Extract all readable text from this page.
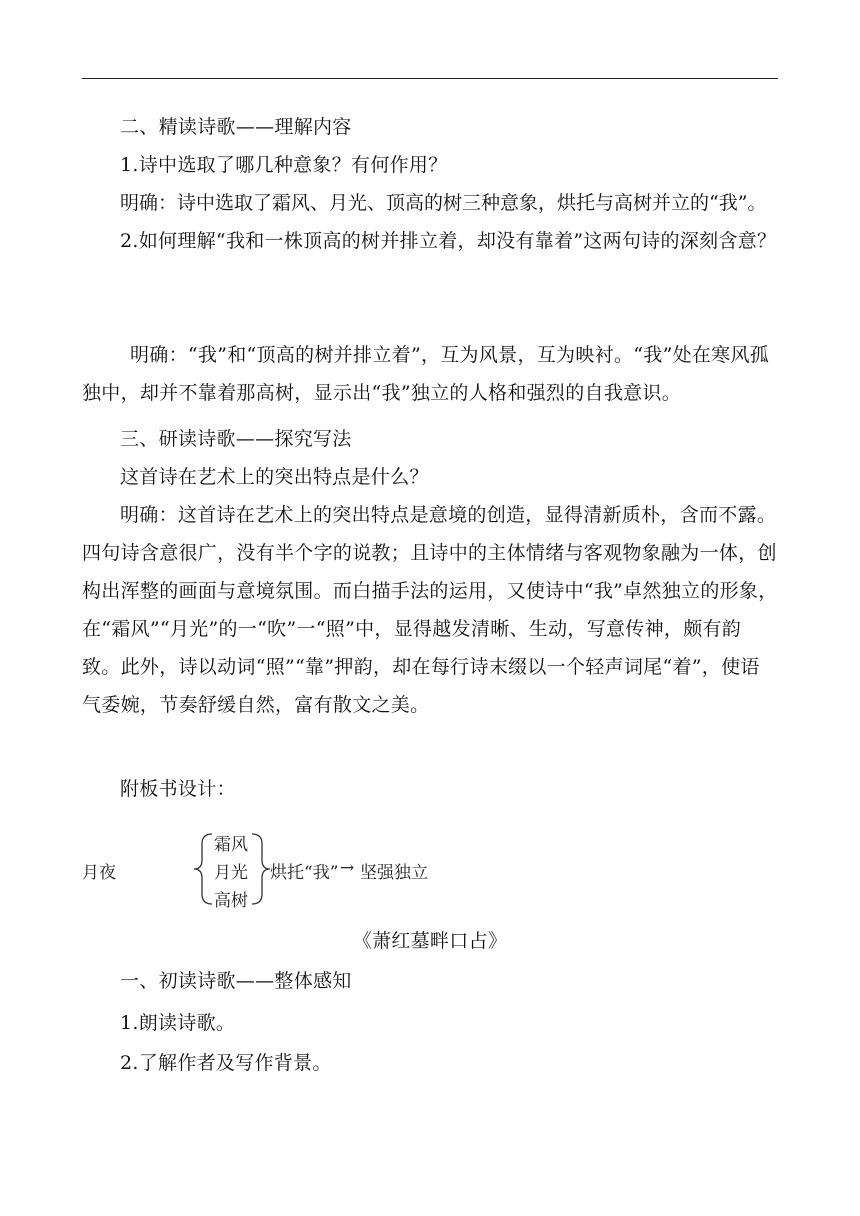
二、精读诗歌——理解内容

1.诗中选取了哪几种意象？有何作用？

明确：诗中选取了霜风、月光、顶高的树三种意象，烘托与高树并立的“我”。

2.如何理解“我和一株顶高的树并排立着，却没有靠着”这两句诗的深刻含意？

明确：“我”和“顶高的树并排立着”，互为风景，互为映衬。“我”处在寒风孤独中，却并不靠着那高树，显示出“我”独立的人格和强烈的自我意识。

三、研读诗歌——探究写法

这首诗在艺术上的突出特点是什么？

明确：这首诗在艺术上的突出特点是意境的创造，显得清新质朴，含而不露。四句诗含意很广，没有半个字的说教；且诗中的主体情绪与客观物象融为一体，创构出浑整的画面与意境氛围。而白描手法的运用，又使诗中“我”卓然独立的形象，在“霜风”“月光”的一“吹”一“照”中，显得越发清晰、生动，写意传神，颇有韵致。此外，诗以动词“照”“靠”押韵，却在每行诗末缀以一个轻声词尾“着”，使语气委婉，节奏舒缓自然，富有散文之美。

附板书设计：

月夜
霜风
月光
高树
烘托“我” → 坚强独立

《萧红墓畔口占》

一、初读诗歌——整体感知

1.朗读诗歌。

2.了解作者及写作背景。
